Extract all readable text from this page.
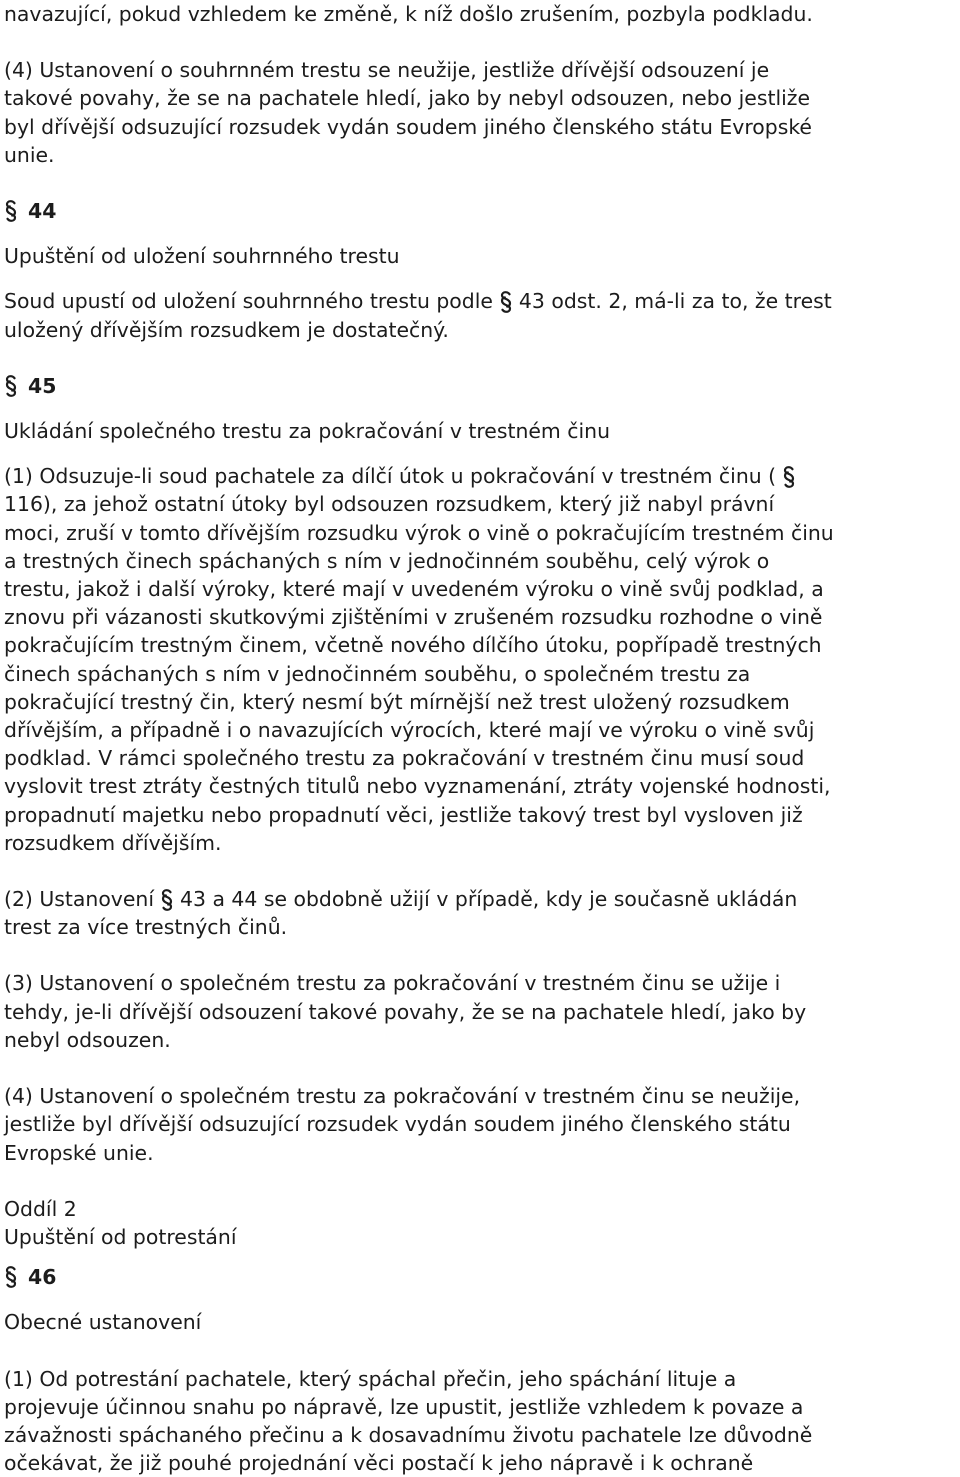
navazující, pokud vzhledem ke změně, k níž došlo zrušením, pozbyla podkladu.

(4) Ustanovení o souhrnném trestu se neužije, jestliže dřívější odsouzení je

takové povahy, že se na pachatele hledí, jako by nebyl odsouzen, nebo jestliže

byl dřívější odsuzující rozsudek vydán soudem jiného členského státu Evropské

unie.

44

Upuštění od uložení souhrnného trestu

Soud upustí od uložení souhrnného trestu podle 43 odst. 2, má-li za to, že trest

uložený dřívějším rozsudkem je dostatečný.

45

Ukládání společného trestu za pokračování v trestném činu

(1) Odsuzuje-li soud pachatele za dílčí útok u pokračování v trestném činu (

116), za jehož ostatní útoky byl odsouzen rozsudkem, který již nabyl právní

moci, zruší v tomto dřívějším rozsudku výrok o vině o pokračujícím trestném činu

a trestných činech spáchaných s ním v jednočinném souběhu, celý výrok o

trestu, jakož i další výroky, které mají v uvedeném výroku o vině svůj podklad, a

znovu při vázanosti skutkovými zjištěními v zrušeném rozsudku rozhodne o vině

pokračujícím trestným činem, včetně nového dílčího útoku, popřípadě trestných

činech spáchaných s ním v jednočinném souběhu, o společném trestu za

pokračující trestný čin, který nesmí být mírnější než trest uložený rozsudkem

dřívějším, a případně i o navazujících výrocích, které mají ve výroku o vině svůj

podklad. V rámci společného trestu za pokračování v trestném činu musí soud

vyslovit trest ztráty čestných titulů nebo vyznamenání, ztráty vojenské hodnosti,

propadnutí majetku nebo propadnutí věci, jestliže takový trest byl vysloven již

rozsudkem dřívějším.

(2) Ustanovení 43 a 44 se obdobně užijí v případě, kdy je současně ukládán

trest za více trestných činů.

(3) Ustanovení o společném trestu za pokračování v trestném činu se užije i

tehdy, je-li dřívější odsouzení takové povahy, že se na pachatele hledí, jako by

nebyl odsouzen.

(4) Ustanovení o společném trestu za pokračování v trestném činu se neužije,

jestliže byl dřívější odsuzující rozsudek vydán soudem jiného členského státu

Evropské unie.

Oddíl 2

Upuštění od potrestání

46

Obecné ustanovení

(1) Od potrestání pachatele, který spáchal přečin, jeho spáchání lituje a

projevuje účinnou snahu po nápravě, lze upustit, jestliže vzhledem k povaze a

závažnosti spáchaného přečinu a k dosavadnímu životu pachatele lze důvodně

očekávat, že již pouhé projednání věci postačí k jeho nápravě i k ochraně
